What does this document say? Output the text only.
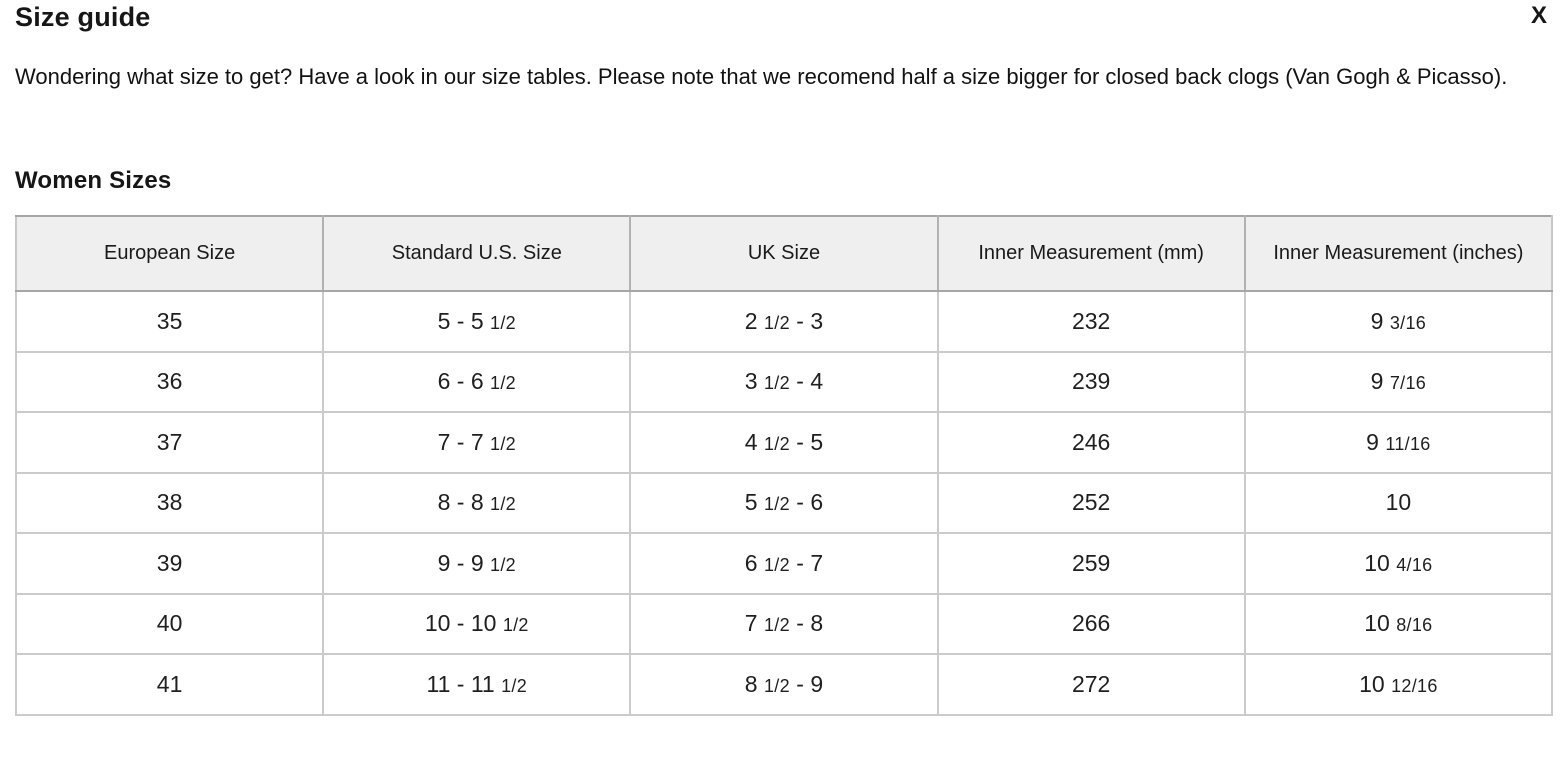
Size guide	X

Wondering what size to get? Have a look in our size tables. Please note that we recomend half a size bigger for closed back clogs (Van Gogh & Picasso).

Women Sizes
European Size	Standard U.S. Size	UK Size	Inner Measurement (mm)	Inner Measurement (inches)
35	5 - 5 1/2	2 1/2 - 3	232	9 3/16
36	6 - 6 1/2	3 1/2 - 4	239	9 7/16
37	7 - 7 1/2	4 1/2 - 5	246	9 11/16
38	8 - 8 1/2	5 1/2 - 6	252	10
39	9 - 9 1/2	6 1/2 - 7	259	10 4/16
40	10 - 10 1/2	7 1/2 - 8	266	10 8/16
41	11 - 11 1/2	8 1/2 - 9	272	10 12/16
